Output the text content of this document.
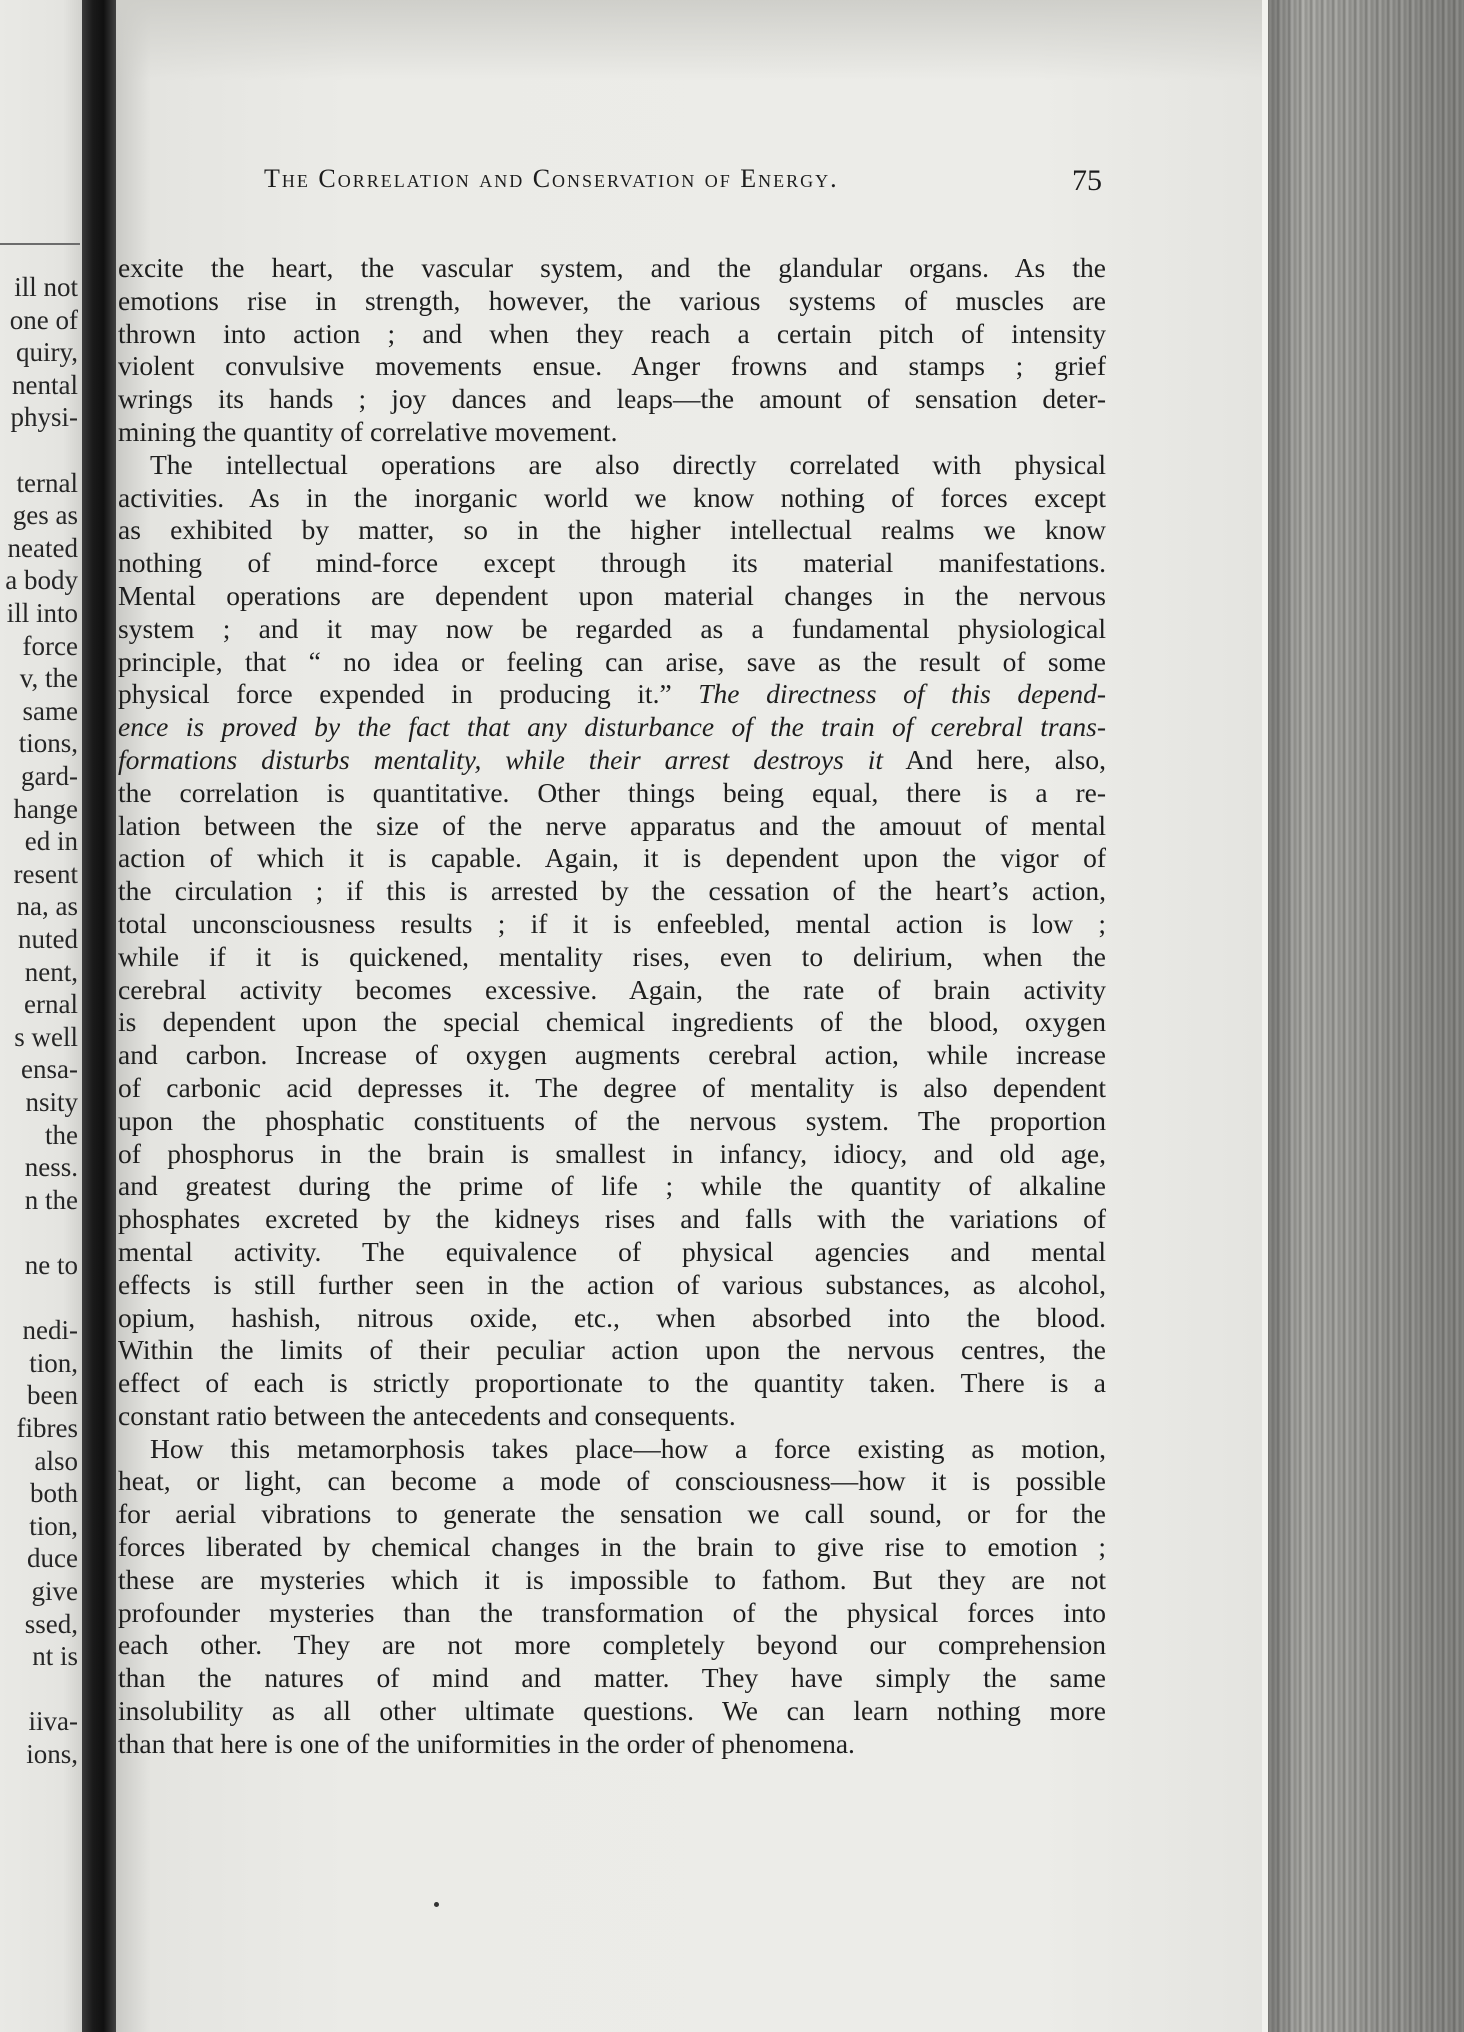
ill not
one of
quiry,
nental
physi-
ternal
ges as
neated
a body
ill into
force
v, the
same
tions,
gard-
hange
ed in
resent
na, as
nuted
nent,
ernal
s well
ensa-
nsity
the
ness.
n the
ne to
nedi-
tion,
been
fibres
also
both
tion,
duce
give
ssed,
nt is
iiva-
ions,
The Correlation and Conservation of Energy.	75
excite the heart, the vascular system, and the glandular organs. As the
emotions rise in strength, however, the various systems of muscles are
thrown into action ; and when they reach a certain pitch of intensity
violent convulsive movements ensue. Anger frowns and stamps ; grief
wrings its hands ; joy dances and leaps—the amount of sensation deter-
mining the quantity of correlative movement.
The intellectual operations are also directly correlated with physical
activities. As in the inorganic world we know nothing of forces except
as exhibited by matter, so in the higher intellectual realms we know
nothing of mind-force except through its material manifestations.
Mental operations are dependent upon material changes in the nervous
system ; and it may now be regarded as a fundamental physiological
principle, that “ no idea or feeling can arise, save as the result of some
physical force expended in producing it.” The directness of this depend-
ence is proved by the fact that any disturbance of the train of cerebral trans-
formations disturbs mentality, while their arrest destroys it And here, also,
the correlation is quantitative. Other things being equal, there is a re-
lation between the size of the nerve apparatus and the amouut of mental
action of which it is capable. Again, it is dependent upon the vigor of
the circulation ; if this is arrested by the cessation of the heart’s action,
total unconsciousness results ; if it is enfeebled, mental action is low ;
while if it is quickened, mentality rises, even to delirium, when the
cerebral activity becomes excessive. Again, the rate of brain activity
is dependent upon the special chemical ingredients of the blood, oxygen
and carbon. Increase of oxygen augments cerebral action, while increase
of carbonic acid depresses it. The degree of mentality is also dependent
upon the phosphatic constituents of the nervous system. The proportion
of phosphorus in the brain is smallest in infancy, idiocy, and old age,
and greatest during the prime of life ; while the quantity of alkaline
phosphates excreted by the kidneys rises and falls with the variations of
mental activity. The equivalence of physical agencies and mental
effects is still further seen in the action of various substances, as alcohol,
opium, hashish, nitrous oxide, etc., when absorbed into the blood.
Within the limits of their peculiar action upon the nervous centres, the
effect of each is strictly proportionate to the quantity taken. There is a
constant ratio between the antecedents and consequents.
How this metamorphosis takes place—how a force existing as motion,
heat, or light, can become a mode of consciousness—how it is possible
for aerial vibrations to generate the sensation we call sound, or for the
forces liberated by chemical changes in the brain to give rise to emotion ;
these are mysteries which it is impossible to fathom. But they are not
profounder mysteries than the transformation of the physical forces into
each other. They are not more completely beyond our comprehension
than the natures of mind and matter. They have simply the same
insolubility as all other ultimate questions. We can learn nothing more
than that here is one of the uniformities in the order of phenomena.
